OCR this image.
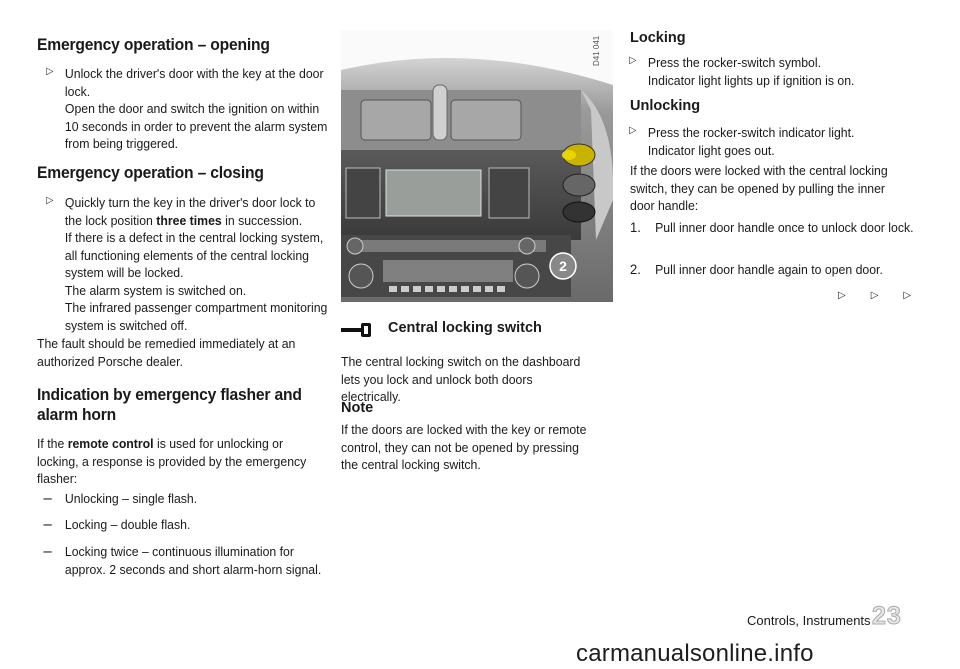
Emergency operation – opening
▷ Unlock the driver's door with the key at the door lock.

Open the door and switch the ignition on within 10 seconds in order to prevent the alarm system from being triggered.

Emergency operation – closing
▷ Quickly turn the key in the driver's door lock to the lock position three times in succession.

If there is a defect in the central locking system, all functioning elements of the central locking system will be locked.

The alarm system is switched on.

The infrared passenger compartment monitoring system is switched off.

The fault should be remedied immediately at an authorized Porsche dealer.

Indication by emergency flasher and alarm horn

If the remote control is used for unlocking or locking, a response is provided by the emergency flasher:

– Unlocking – single flash.

– Locking – double flash.

– Locking twice – continuous illumination for approx. 2 seconds and short alarm-horn signal.

2
D41 041
Central locking switch

The central locking switch on the dashboard lets you lock and unlock both doors electrically.

Note

If the doors are locked with the key or remote control, they can not be opened by pressing the central locking switch.

Locking
▷ Press the rocker-switch symbol.

Indicator light lights up if ignition is on.

Unlocking
▷ Press the rocker-switch indicator light.

Indicator light goes out.

If the doors were locked with the central locking switch, they can be opened by pulling the inner door handle:

1. Pull inner door handle once to unlock door lock.

2. Pull inner door handle again to open door.

▷▷▷
Controls, Instruments 23
carmanualsonline.info
